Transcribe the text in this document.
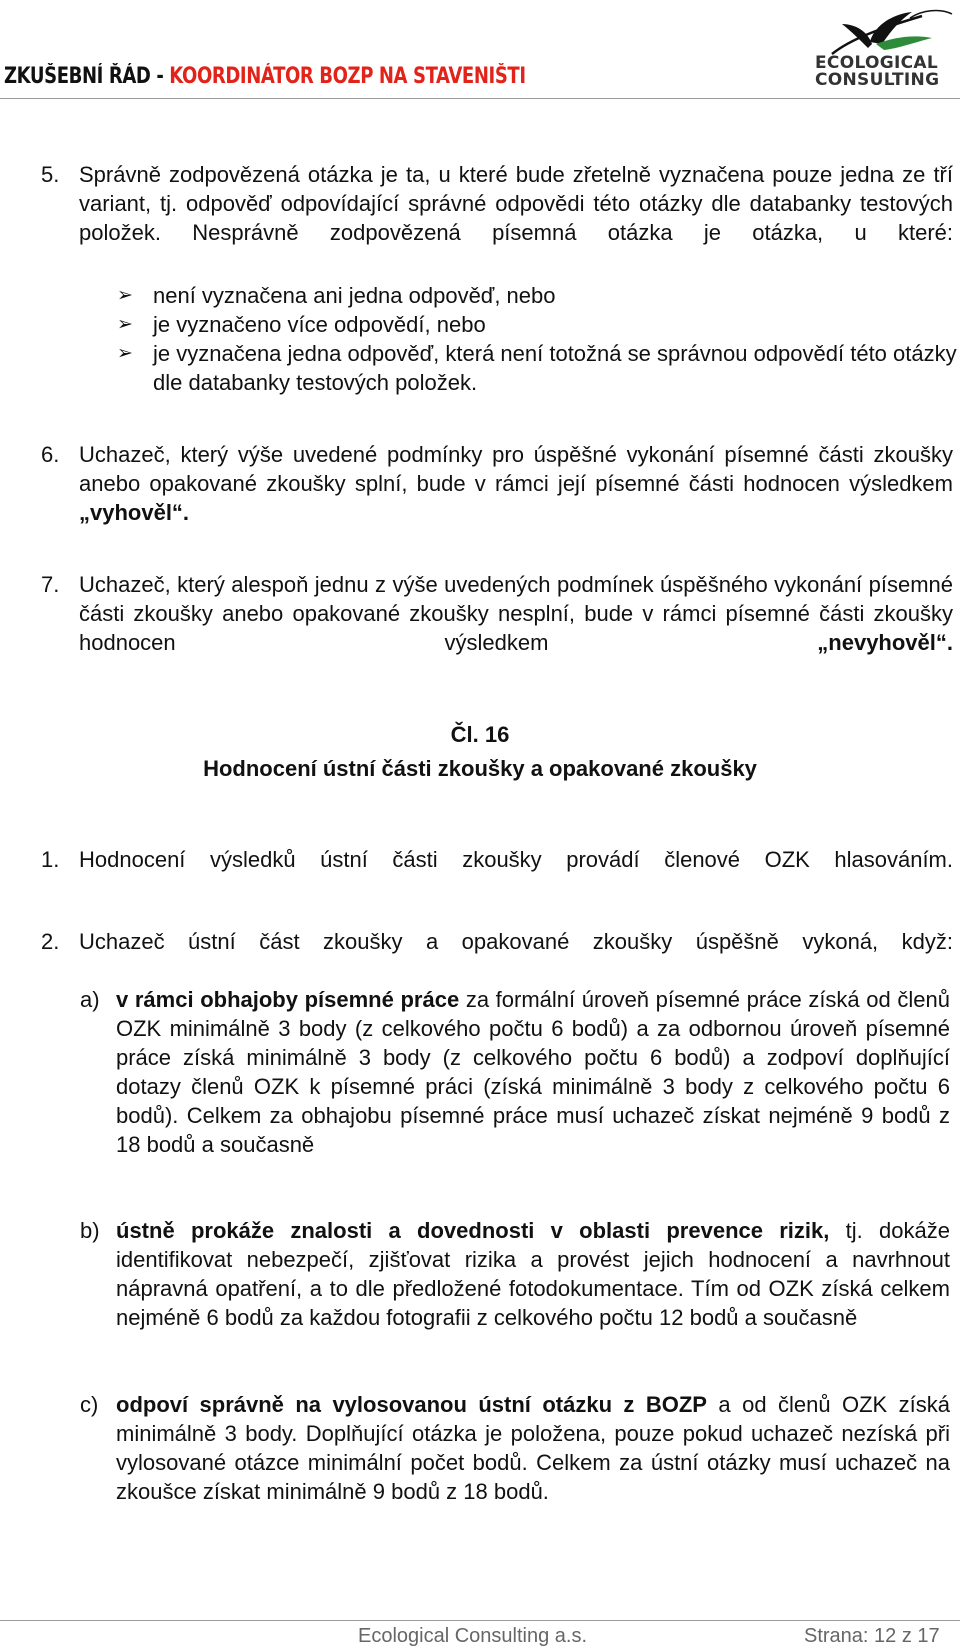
ZKUŠEBNÍ ŘÁD - KOORDINÁTOR BOZP NA STAVENIŠTI
ECOLOGICAL
CONSULTING
5. Správně zodpovězená otázka je ta, u které bude zřetelně vyznačena pouze jedna ze tří variant, tj. odpověď odpovídající správné odpovědi této otázky dle databanky testových položek. Nesprávně zodpovězená písemná otázka je otázka, u které:
➢ není vyznačena ani jedna odpověď, nebo
➢ je vyznačeno více odpovědí, nebo
➢ je vyznačena jedna odpověď, která není totožná se správnou odpovědí této otázky dle databanky testových položek.
6. Uchazeč, který výše uvedené podmínky pro úspěšné vykonání písemné části zkoušky anebo opakované zkoušky splní, bude v rámci její písemné části hodnocen výsledkem „vyhověl“.
7. Uchazeč, který alespoň jednu z výše uvedených podmínek úspěšného vykonání písemné části zkoušky anebo opakované zkoušky nesplní, bude v rámci písemné části zkoušky hodnocen výsledkem „nevyhověl“.
Čl. 16
Hodnocení ústní části zkoušky a opakované zkoušky
1. Hodnocení výsledků ústní části zkoušky provádí členové OZK hlasováním.
2. Uchazeč ústní část zkoušky a opakované zkoušky úspěšně vykoná, když:
a) v rámci obhajoby písemné práce za formální úroveň písemné práce získá od členů OZK minimálně 3 body (z celkového počtu 6 bodů) a za odbornou úroveň písemné práce získá minimálně 3 body (z celkového počtu 6 bodů) a zodpoví doplňující dotazy členů OZK k písemné práci (získá minimálně 3 body z celkového počtu 6 bodů). Celkem za obhajobu písemné práce musí uchazeč získat nejméně 9 bodů z 18 bodů a současně
b) ústně prokáže znalosti a dovednosti v oblasti prevence rizik, tj. dokáže identifikovat nebezpečí, zjišťovat rizika a provést jejich hodnocení a navrhnout nápravná opatření, a to dle předložené fotodokumentace. Tím od OZK získá celkem nejméně 6 bodů za každou fotografii z celkového počtu 12 bodů a současně
c) odpoví správně na vylosovanou ústní otázku z BOZP a od členů OZK získá minimálně 3 body. Doplňující otázka je položena, pouze pokud uchazeč nezíská při vylosované otázce minimální počet bodů. Celkem za ústní otázky musí uchazeč na zkoušce získat minimálně 9 bodů z 18 bodů.
Ecological Consulting a.s.	Strana: 12 z 17
